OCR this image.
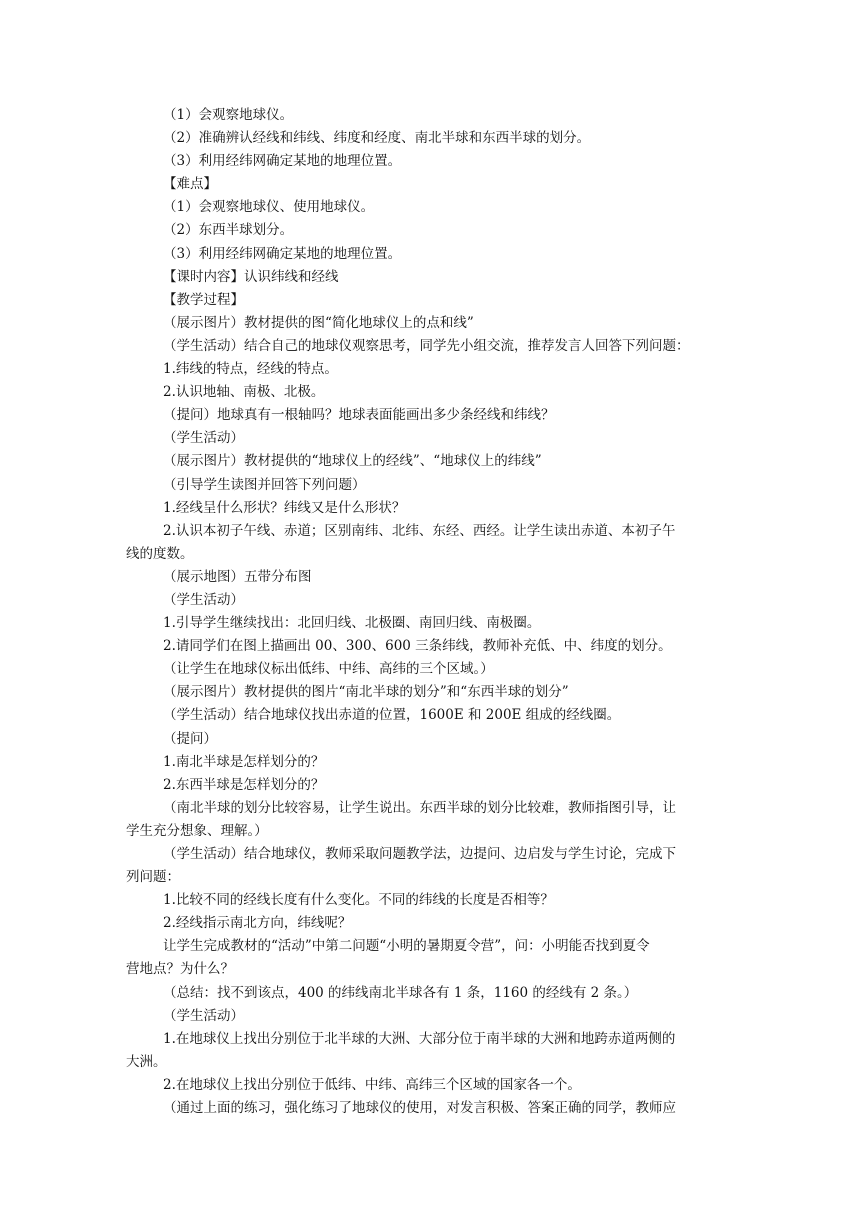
（1）会观察地球仪。
（2）准确辨认经线和纬线、纬度和经度、南北半球和东西半球的划分。
（3）利用经纬网确定某地的地理位置。
【难点】
（1）会观察地球仪、使用地球仪。
（2）东西半球划分。
（3）利用经纬网确定某地的地理位置。
【课时内容】认识纬线和经线
【教学过程】
（展示图片）教材提供的图“简化地球仪上的点和线”
（学生活动）结合自己的地球仪观察思考，同学先小组交流，推荐发言人回答下列问题：
1.纬线的特点，经线的特点。
2.认识地轴、南极、北极。
（提问）地球真有一根轴吗？地球表面能画出多少条经线和纬线？
（学生活动）
（展示图片）教材提供的“地球仪上的经线”、“地球仪上的纬线”
（引导学生读图并回答下列问题）
1.经线呈什么形状？纬线又是什么形状？
2.认识本初子午线、赤道；区别南纬、北纬、东经、西经。让学生读出赤道、本初子午
线的度数。
（展示地图）五带分布图
（学生活动）
1.引导学生继续找出：北回归线、北极圈、南回归线、南极圈。
2.请同学们在图上描画出 00、300、600 三条纬线，教师补充低、中、纬度的划分。
（让学生在地球仪标出低纬、中纬、高纬的三个区域。）
（展示图片）教材提供的图片“南北半球的划分”和“东西半球的划分”
（学生活动）结合地球仪找出赤道的位置，1600E 和 200E 组成的经线圈。
（提问）
1.南北半球是怎样划分的？
2.东西半球是怎样划分的？
（南北半球的划分比较容易，让学生说出。东西半球的划分比较难，教师指图引导，让
学生充分想象、理解。）
（学生活动）结合地球仪，教师采取问题教学法，边提问、边启发与学生讨论，完成下
列问题：
1.比较不同的经线长度有什么变化。不同的纬线的长度是否相等？
2.经线指示南北方向，纬线呢？
让学生完成教材的“活动”中第二问题“小明的暑期夏令营”，问：小明能否找到夏令
营地点？为什么？
（总结：找不到该点，400 的纬线南北半球各有 1 条，1160 的经线有 2 条。）
（学生活动）
1.在地球仪上找出分别位于北半球的大洲、大部分位于南半球的大洲和地跨赤道两侧的
大洲。
2.在地球仪上找出分别位于低纬、中纬、高纬三个区域的国家各一个。
（通过上面的练习，强化练习了地球仪的使用，对发言积极、答案正确的同学，教师应
